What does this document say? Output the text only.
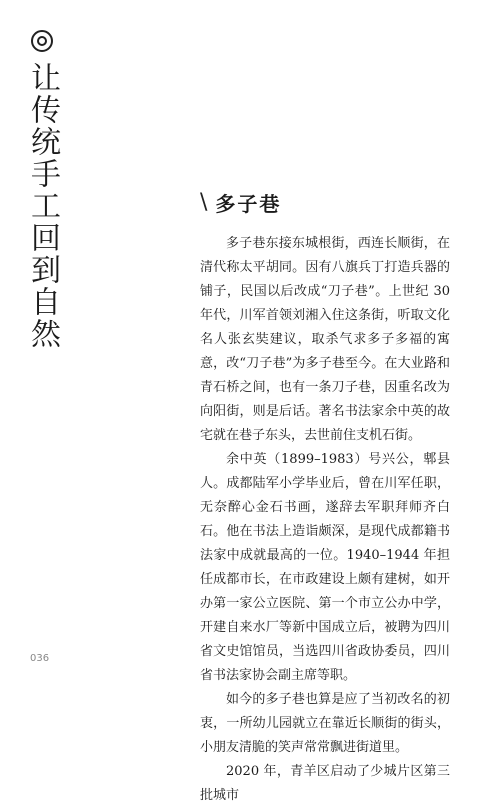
让传统手工回到自然	\ 多子巷

多子巷东接东城根街，西连长顺街，在清代称太平胡同。因有八旗兵丁打造兵器的铺子，民国以后改成“刀子巷”。上世纪 30 年代，川军首领刘湘入住这条街，听取文化名人张玄奘建议，取杀气求多子多福的寓意，改“刀子巷”为多子巷至今。在大业路和青石桥之间，也有一条刀子巷，因重名改为向阳街，则是后话。著名书法家余中英的故宅就在巷子东头，去世前住支机石街。

余中英（1899–1983）号兴公，郫县人。成都陆军小学毕业后，曾在川军任职，无奈醉心金石书画，遂辞去军职拜师齐白石。他在书法上造诣颇深，是现代成都籍书法家中成就最高的一位。1940–1944 年担任成都市长，在市政建设上颇有建树，如开办第一家公立医院、第一个市立公办中学，开建自来水厂等新中国成立后，被聘为四川省文史馆馆员，当选四川省政协委员，四川省书法家协会副主席等职。

如今的多子巷也算是应了当初改名的初衷，一所幼儿园就立在靠近长顺街的街头，小朋友清脆的笑声常常飘进街道里。

2020 年，青羊区启动了少城片区第三批城市

036
